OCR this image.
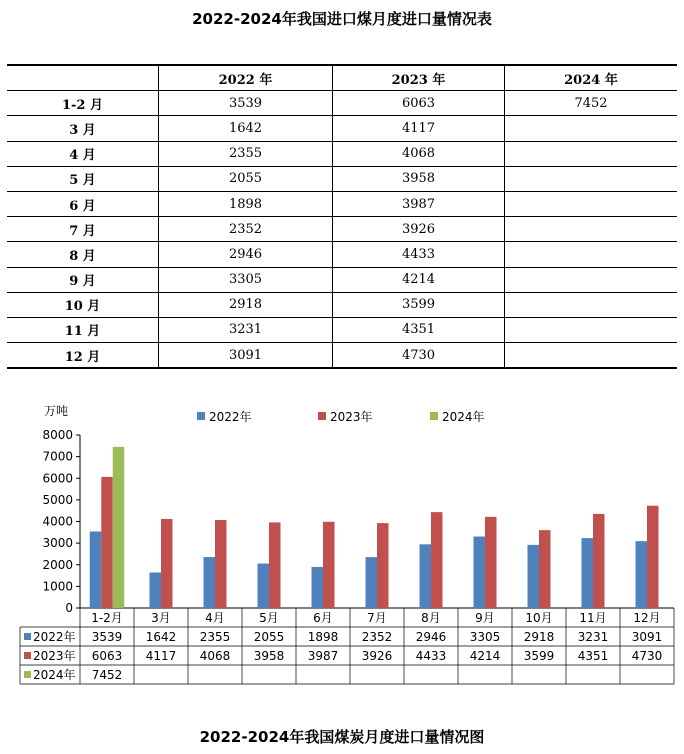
2022-2024年我国进口煤月度进口量情况表
	2022 年	2023 年	2024 年
1-2 月	3539	6063	7452
3 月	1642	4117	
4 月	2355	4068	
5 月	2055	3958	
6 月	1898	3987	
7 月	2352	3926	
8 月	2946	4433	
9 月	3305	4214	
10 月	2918	3599	
11 月	3231	4351	
12 月	3091	4730	
万吨	2022年	2023年	2024年
0
1000
2000
3000
4000
5000
6000
7000
8000
1-2月 3月	4月	5月	6月	7月	8月	9月	10月 11月 12月
2022年 3539 1642 2355 2055 1898 2352 2946 3305 2918 3231 3091
2023年 6063 4117 4068 3958 3987 3926 4433 4214 3599 4351 4730
2024年 7452
2022-2024年我国煤炭月度进口量情况图
